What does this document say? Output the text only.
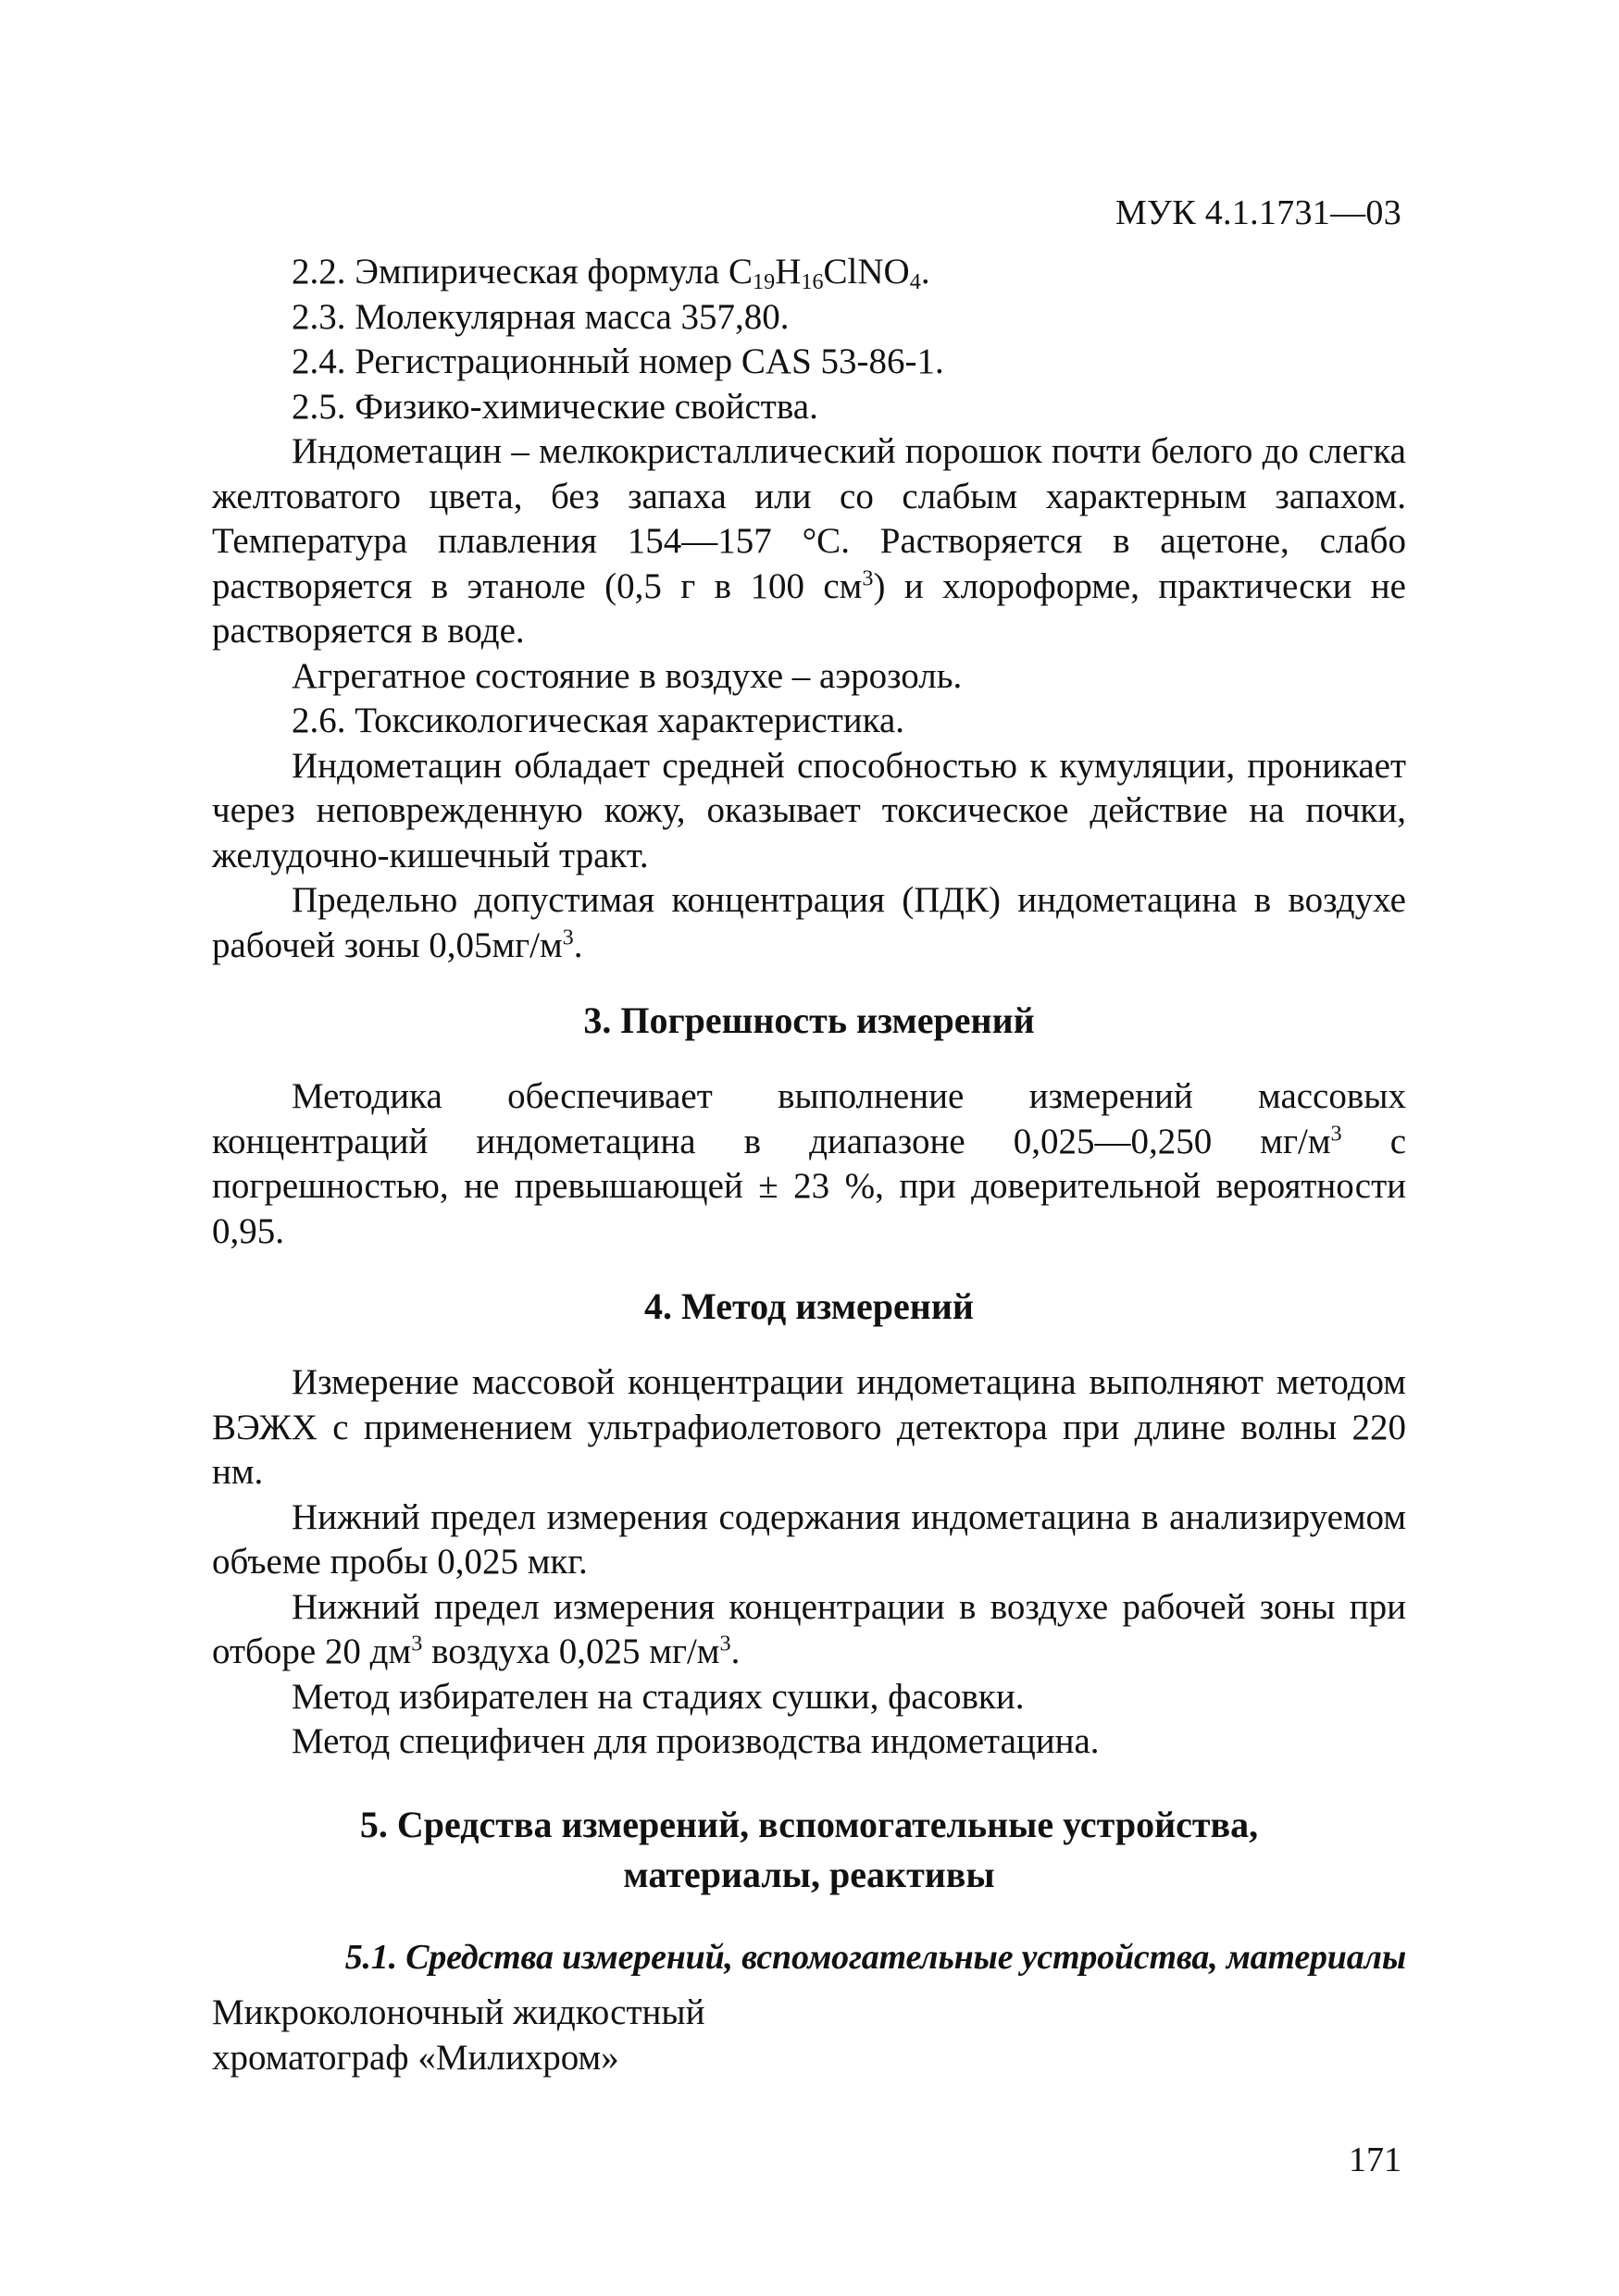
МУК 4.1.1731—03

2.2. Эмпирическая формула $C_{19}H_{16}ClNO_4$.

2.3. Молекулярная масса 357,80.

2.4. Регистрационный номер CAS 53-86-1.

2.5. Физико-химические свойства.

Индометацин – мелкокристаллический порошок почти белого до слегка желтоватого цвета, без запаха или со слабым характерным запахом. Температура плавления 154—157 °С. Растворяется в ацетоне, слабо растворяется в этаноле (0,5 г в 100 $см^3$) и хлороформе, практически не растворяется в воде.

Агрегатное состояние в воздухе – аэрозоль.

2.6. Токсикологическая характеристика.

Индометацин обладает средней способностью к кумуляции, проникает через неповрежденную кожу, оказывает токсическое действие на почки, желудочно-кишечный тракт.

Предельно допустимая концентрация (ПДК) индометацина в воздухе рабочей зоны $0,05мг/м^3$.

3. Погрешность измерений

Методика обеспечивает выполнение измерений массовых концентраций индометацина в диапазоне 0,025—0,250 $мг/м^3$ с погрешностью, не превышающей ± 23 %, при доверительной вероятности 0,95.

4. Метод измерений

Измерение массовой концентрации индометацина выполняют методом ВЭЖХ с применением ультрафиолетового детектора при длине волны 220 нм.

Нижний предел измерения содержания индометацина в анализируемом объеме пробы 0,025 мкг.

Нижний предел измерения концентрации в воздухе рабочей зоны при отборе 20 $дм^3$ воздуха 0,025 $мг/м^3$.

Метод избирателен на стадиях сушки, фасовки.

Метод специфичен для производства индометацина.

5. Средства измерений, вспомогательные устройства,
материалы, реактивы
5.1. Средства измерений, вспомогательные устройства, материалы

Микроколоночный жидкостный
хроматограф «Милихром»

171
